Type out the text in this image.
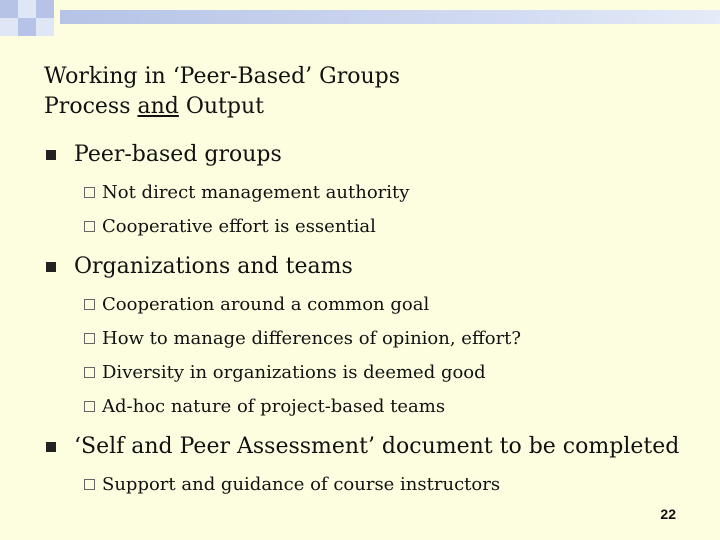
Working in ‘Peer-Based’ Groups
Process and Output
Peer-based groups
Not direct management authority
Cooperative effort is essential
Organizations and teams
Cooperation around a common goal
How to manage differences of opinion, effort?
Diversity in organizations is deemed good
Ad-hoc nature of project-based teams
‘Self and Peer Assessment’ document to be completed
Support and guidance of course instructors
22
